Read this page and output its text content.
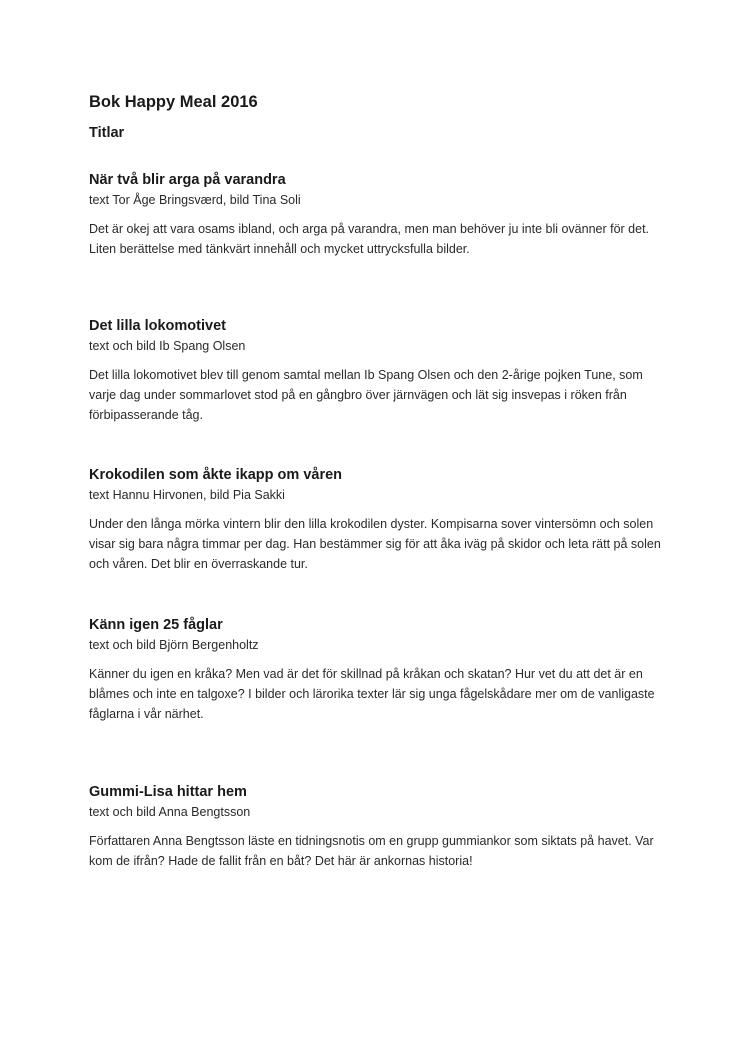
Bok Happy Meal 2016
Titlar
När två blir arga på varandra

text Tor Åge Bringsværd, bild Tina Soli

Det är okej att vara osams ibland, och arga på varandra, men man behöver ju inte bli ovänner för det. Liten berättelse med tänkvärt innehåll och mycket uttrycksfulla bilder.

Det lilla lokomotivet

text och bild Ib Spang Olsen

Det lilla lokomotivet blev till genom samtal mellan Ib Spang Olsen och den 2-årige pojken Tune, som varje dag under sommarlovet stod på en gångbro över järnvägen och lät sig insvepas i röken från förbipasserande tåg.

Krokodilen som åkte ikapp om våren

text Hannu Hirvonen, bild Pia Sakki

Under den långa mörka vintern blir den lilla krokodilen dyster. Kompisarna sover vintersömn och solen visar sig bara några timmar per dag. Han bestämmer sig för att åka iväg på skidor och leta rätt på solen och våren. Det blir en överraskande tur.

Känn igen 25 fåglar

text och bild Björn Bergenholtz

Känner du igen en kråka? Men vad är det för skillnad på kråkan och skatan? Hur vet du att det är en blåmes och inte en talgoxe? I bilder och lärorika texter lär sig unga fågelskådare mer om de vanligaste fåglarna i vår närhet.

Gummi-Lisa hittar hem

text och bild Anna Bengtsson

Författaren Anna Bengtsson läste en tidningsnotis om en grupp gummiankor som siktats på havet. Var kom de ifrån? Hade de fallit från en båt? Det här är ankornas historia!
